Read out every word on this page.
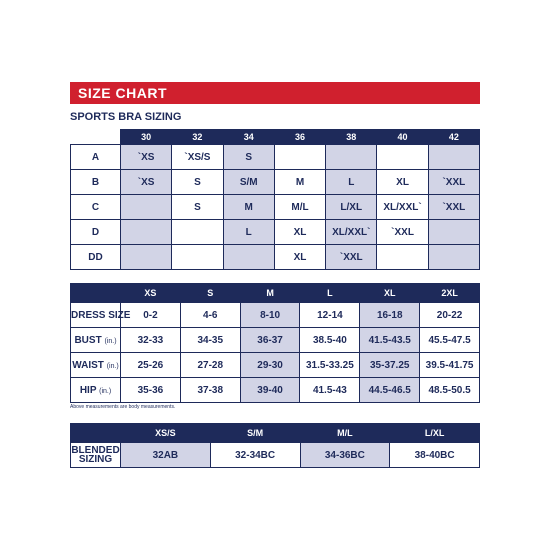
SIZE CHART
SPORTS BRA SIZING
	30	32	34	36	38	40	42
A	`XS	`XS/S	S				
B	`XS	S	S/M	M	L	XL	`XXL
C		S	M	M/L	L/XL	XL/XXL`	`XXL
D			L	XL	XL/XXL`	`XXL	
DD				XL	`XXL		
	XS	S	M	L	XL	2XL
DRESS SIZE	0-2	4-6	8-10	12-14	16-18	20-22
BUST (in.)	32-33	34-35	36-37	38.5-40	41.5-43.5	45.5-47.5
WAIST (in.)	25-26	27-28	29-30	31.5-33.25	35-37.25	39.5-41.75
HIP (in.)	35-36	37-38	39-40	41.5-43	44.5-46.5	48.5-50.5
Above measurements are body measurements.
	XS/S	S/M	M/L	L/XL
BLENDED
SIZING	32AB	32-34BC	34-36BC	38-40BC
